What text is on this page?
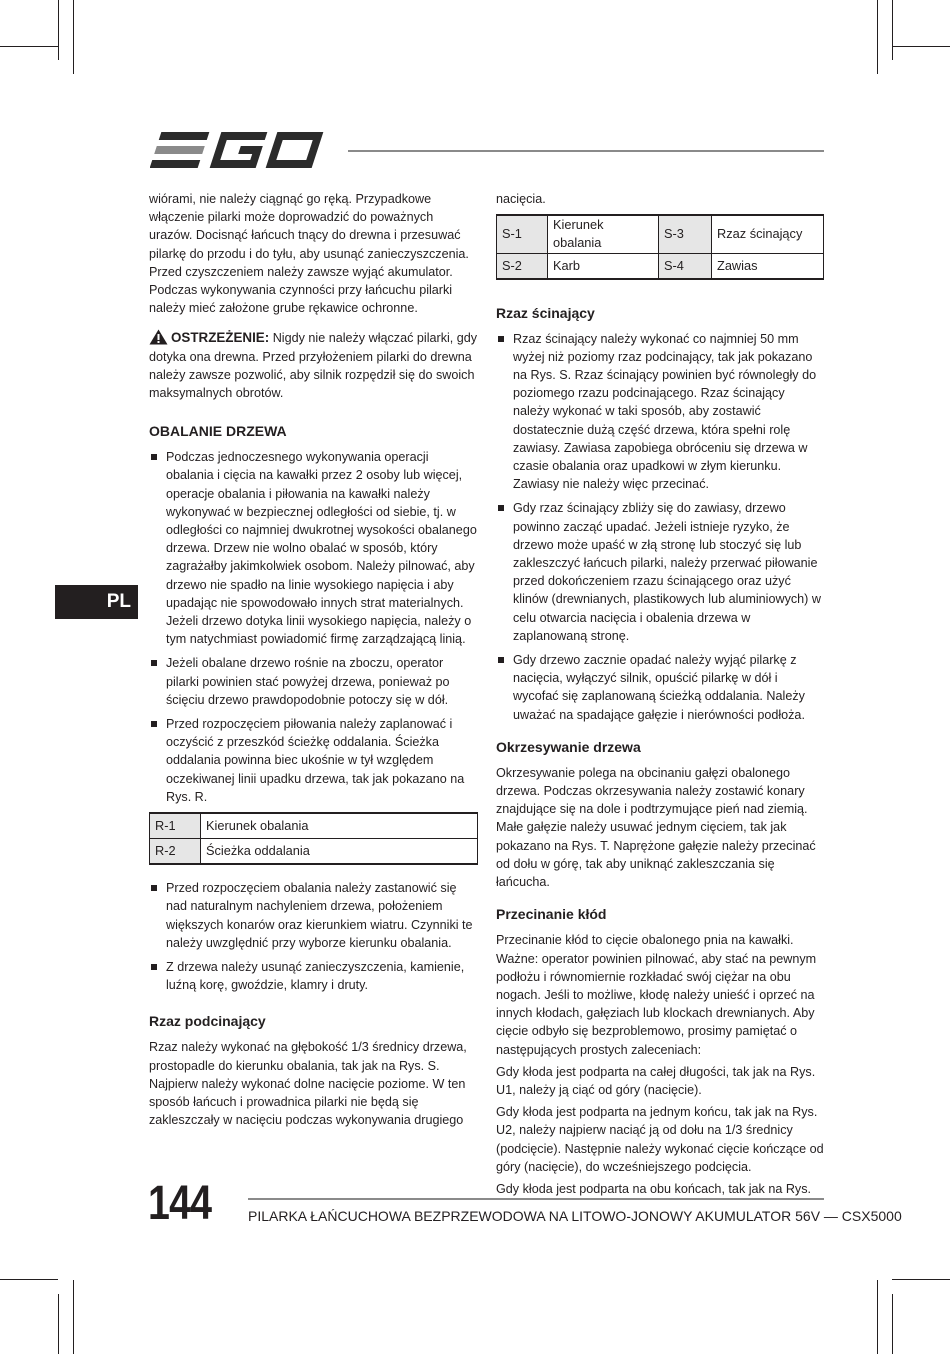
PL

wiórami, nie należy ciągnąć go ręką. Przypadkowe włączenie pilarki może doprowadzić do poważnych urazów. Docisnąć łańcuch tnący do drewna i przesuwać pilarkę do przodu i do tyłu, aby usunąć zanieczyszczenia. Przed czyszczeniem należy zawsze wyjąć akumulator. Podczas wykonywania czynności przy łańcuchu pilarki należy mieć założone grube rękawice ochronne.

OSTRZEŻENIE: Nigdy nie należy włączać pilarki, gdy dotyka ona drewna. Przed przyłożeniem pilarki do drewna należy zawsze pozwolić, aby silnik rozpędził się do swoich maksymalnych obrotów.

OBALANIE DRZEWA
Podczas jednoczesnego wykonywania operacji obalania i cięcia na kawałki przez 2 osoby lub więcej, operacje obalania i piłowania na kawałki należy wykonywać w bezpiecznej odległości od siebie, tj. w odległości co najmniej dwukrotnej wysokości obalanego drzewa. Drzew nie wolno obalać w sposób, który zagrażałby jakimkolwiek osobom. Należy pilnować, aby drzewo nie spadło na linie wysokiego napięcia i aby upadając nie spowodowało innych strat materialnych. Jeżeli drzewo dotyka linii wysokiego napięcia, należy o tym natychmiast powiadomić firmę zarządzającą linią.
Jeżeli obalane drzewo rośnie na zboczu, operator pilarki powinien stać powyżej drzewa, ponieważ po ścięciu drzewo prawdopodobnie potoczy się w dół.
Przed rozpoczęciem piłowania należy zaplanować i oczyścić z przeszkód ścieżkę oddalania. Ścieżka oddalania powinna biec ukośnie w tył względem oczekiwanej linii upadku drzewa, tak jak pokazano na Rys. R.
R-1	Kierunek obalania
R-2	Ścieżka oddalania
Przed rozpoczęciem obalania należy zastanowić się nad naturalnym nachyleniem drzewa, położeniem większych konarów oraz kierunkiem wiatru. Czynniki te należy uwzględnić przy wyborze kierunku obalania.
Z drzewa należy usunąć zanieczyszczenia, kamienie, luźną korę, gwoździe, klamry i druty.
Rzaz podcinający

Rzaz należy wykonać na głębokość 1/3 średnicy drzewa, prostopadle do kierunku obalania, tak jak na Rys. S. Najpierw należy wykonać dolne nacięcie poziome. W ten sposób łańcuch i prowadnica pilarki nie będą się zakleszczały w nacięciu podczas wykonywania drugiego

nacięcia.

S-1	Kierunek obalania	S-3	Rzaz ścinający
S-2	Karb	S-4	Zawias
Rzaz ścinający
Rzaz ścinający należy wykonać co najmniej 50 mm wyżej niż poziomy rzaz podcinający, tak jak pokazano na Rys. S. Rzaz ścinający powinien być równoległy do poziomego rzazu podcinającego. Rzaz ścinający należy wykonać w taki sposób, aby zostawić dostatecznie dużą część drzewa, która spełni rolę zawiasy. Zawiasa zapobiega obróceniu się drzewa w czasie obalania oraz upadkowi w złym kierunku. Zawiasy nie należy więc przecinać.
Gdy rzaz ścinający zbliży się do zawiasy, drzewo powinno zacząć upadać. Jeżeli istnieje ryzyko, że drzewo może upaść w złą stronę lub stoczyć się lub zakleszczyć łańcuch pilarki, należy przerwać piłowanie przed dokończeniem rzazu ścinającego oraz użyć klinów (drewnianych, plastikowych lub aluminiowych) w celu otwarcia nacięcia i obalenia drzewa w zaplanowaną stronę.
Gdy drzewo zacznie opadać należy wyjąć pilarkę z nacięcia, wyłączyć silnik, opuścić pilarkę w dół i wycofać się zaplanowaną ścieżką oddalania. Należy uważać na spadające gałęzie i nierówności podłoża.
Okrzesywanie drzewa

Okrzesywanie polega na obcinaniu gałęzi obalonego drzewa. Podczas okrzesywania należy zostawić konary znajdujące się na dole i podtrzymujące pień nad ziemią. Małe gałęzie należy usuwać jednym cięciem, tak jak pokazano na Rys. T. Naprężone gałęzie należy przecinać od dołu w górę, tak aby uniknąć zakleszczania się łańcucha.

Przecinanie kłód

Przecinanie kłód to cięcie obalonego pnia na kawałki. Ważne: operator powinien pilnować, aby stać na pewnym podłożu i równomiernie rozkładać swój ciężar na obu nogach. Jeśli to możliwe, kłodę należy unieść i oprzeć na innych kłodach, gałęziach lub klockach drewnianych. Aby cięcie odbyło się bezproblemowo, prosimy pamiętać o następujących prostych zaleceniach:

Gdy kłoda jest podparta na całej długości, tak jak na Rys. U1, należy ją ciąć od góry (nacięcie).

Gdy kłoda jest podparta na jednym końcu, tak jak na Rys. U2, należy najpierw naciąć ją od dołu na 1/3 średnicy (podcięcie). Następnie należy wykonać cięcie kończące od góry (nacięcie), do wcześniejszego podcięcia.

Gdy kłoda jest podparta na obu końcach, tak jak na Rys.

144	PILARKA ŁAŃCUCHOWA BEZPRZEWODOWA NA LITOWO-JONOWY AKUMULATOR 56V — CSX5000
